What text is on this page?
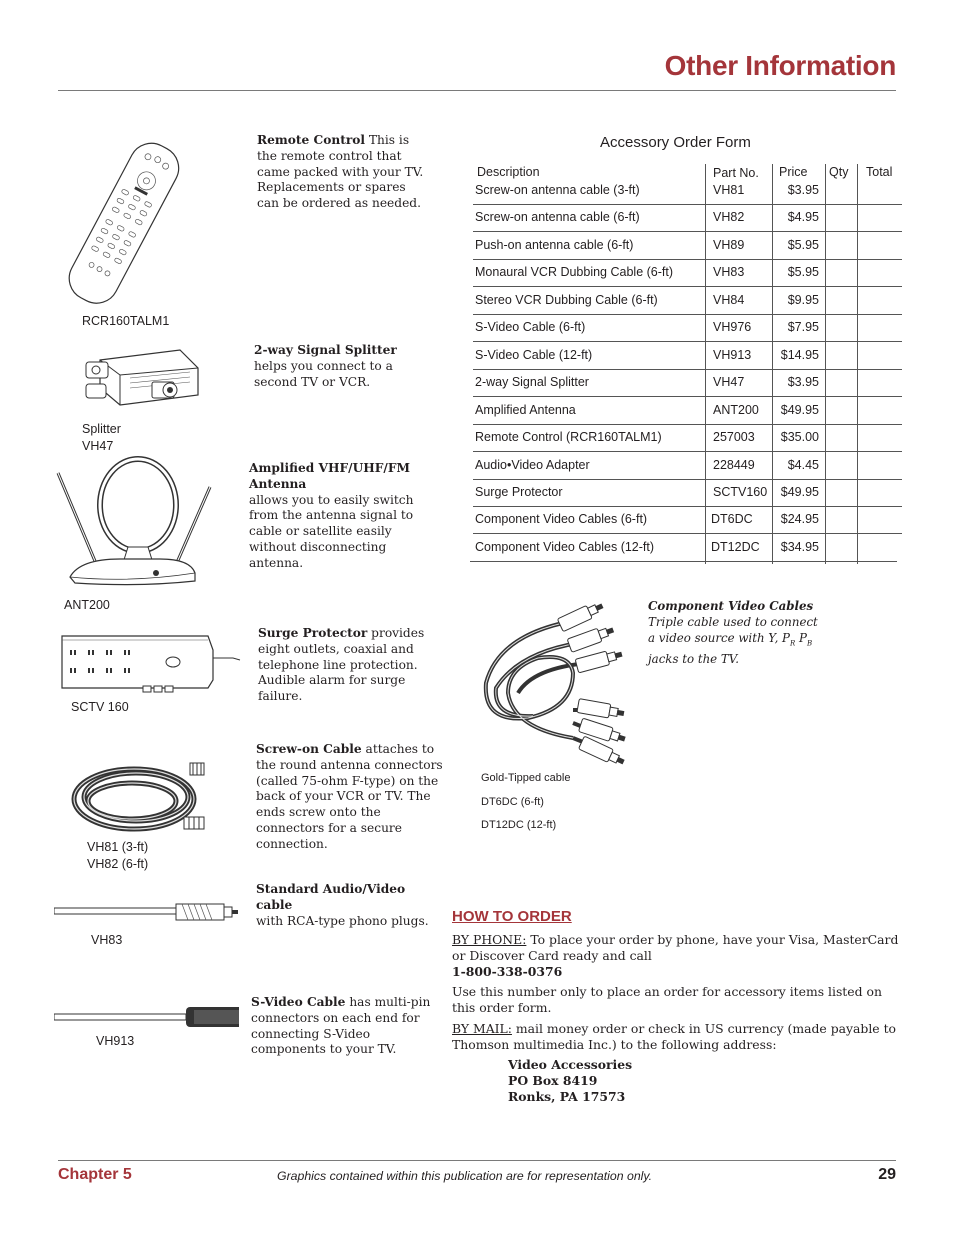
Other Information
Remote Control This is the remote control that came packed with your TV. Replacements or spares can be ordered as needed.
RCR160TALM1
2-way Signal Splitter helps you connect to a second TV or VCR.
Splitter
VH47
Amplified VHF/UHF/FM Antenna
allows you to easily switch from the antenna signal to cable or satellite easily without disconnecting antenna.
ANT200
Surge Protector provides eight outlets, coaxial and telephone line protection. Audible alarm for surge failure.
SCTV 160
Screw-on Cable attaches to the round antenna connectors (called 75-ohm F-type) on the back of your VCR or TV. The ends screw onto the connectors for a secure connection.
VH81 (3-ft)
VH82 (6-ft)
Standard Audio/Video cable
with RCA-type phono plugs.
VH83
S-Video Cable has multi-pin connectors on each end for connecting S-Video components to your TV.
VH913
Accessory Order Form
Description	Part No. Price Qty Total
Screw-on antenna cable (3-ft)	VH81	$3.95
Screw-on antenna cable (6-ft)	VH82	$4.95
Push-on antenna cable (6-ft)	VH89	$5.95
Monaural VCR Dubbing Cable (6-ft)	VH83	$5.95
Stereo VCR Dubbing Cable (6-ft)	VH84	$9.95
S-Video Cable (6-ft)	VH976	$7.95
S-Video Cable (12-ft)	VH913 $14.95
2-way Signal Splitter	VH47	$3.95
Amplified Antenna	ANT200 $49.95
Remote Control (RCR160TALM1)	257003 $35.00
Audio•Video Adapter	228449	$4.45
Surge Protector	SCTV160 $49.95
Component Video Cables (6-ft)	DT6DC $24.95
Component Video Cables (12-ft)	DT12DC $34.95
Component Video Cables
Triple cable used to connect
a video source with Y, $P_R$ $P_B$
jacks to the TV.
Gold-Tipped cable
DT6DC (6-ft)
DT12DC (12-ft)
HOW TO ORDER
BY PHONE: To place your order by phone, have your Visa, MasterCard or Discover Card ready and call
1-800-338-0376
Use this number only to place an order for accessory items listed on this order form.
BY MAIL: mail money order or check in US currency (made payable to Thomson multimedia Inc.) to the following address:
Video Accessories
PO Box 8419
Ronks, PA 17573
Chapter 5	Graphics contained within this publication are for representation only.	29
